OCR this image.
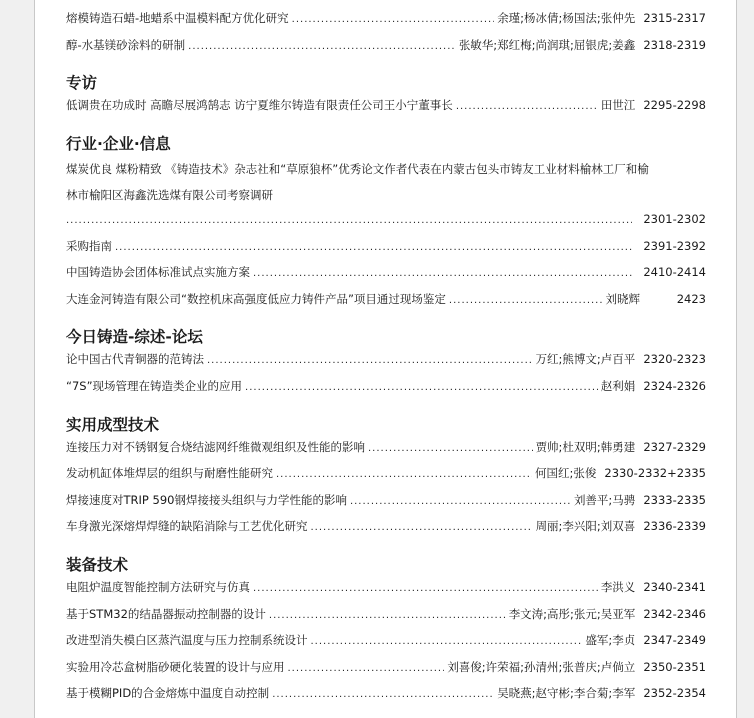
熔模铸造石蜡-地蜡系中温模料配方优化研究 .....	余瑾;杨冰倩;杨国法;张仲先 2315-2317
醇-水基镁砂涂料的研制 .....	张敏华;郑红梅;尚润琪;屈银虎;姜鑫 2318-2319
专访
低调贵在功成时 高瞻尽展鸿鹄志 访宁夏维尔铸造有限责任公司王小宁董事长 .....	田世江 2295-2298
行业·企业·信息
煤炭优良 煤粉精致 《铸造技术》杂志社和“草原狼杯”优秀论文作者代表在内蒙古包头市铸友工业材料榆林工厂和榆
林市榆阳区海鑫洗选煤有限公司考察调研
.....
2301-2302
采购指南 .....	2391-2392
中国铸造协会团体标准试点实施方案 .....	2410-2414
大连金河铸造有限公司“数控机床高强度低应力铸件产品”项目通过现场鉴定 .....	刘晓辉	2423
今日铸造-综述-论坛
论中国古代青铜器的范铸法 .....	万红;熊博文;卢百平 2320-2323
“7S”现场管理在铸造类企业的应用 .....	赵利娟 2324-2326
实用成型技术
连接压力对不锈钢复合烧结滤网纤维微观组织及性能的影响 .....	贾帅;杜双明;韩勇建 2327-2329
发动机缸体堆焊层的组织与耐磨性能研究 .....	何国红;张俊 2330-2332+2335
焊接速度对TRIP 590钢焊接接头组织与力学性能的影响 .....	刘善平;马骋 2333-2335
车身激光深熔焊焊缝的缺陷消除与工艺优化研究 .....	周丽;李兴阳;刘双喜 2336-2339
装备技术
电阻炉温度智能控制方法研究与仿真 .....	李洪义 2340-2341
基于STM32的结晶器振动控制器的设计 .....	李文涛;高彤;张元;吴亚军 2342-2346
改进型消失模白区蒸汽温度与压力控制系统设计 .....	盛军;李贞 2347-2349
实验用冷芯盒树脂砂硬化装置的设计与应用 .....	刘喜俊;许荣福;孙清州;张普庆;卢倘立 2350-2351
基于模糊PID的合金熔炼中温度自动控制 .....	吴晓燕;赵守彬;李合菊;李军 2352-2354
